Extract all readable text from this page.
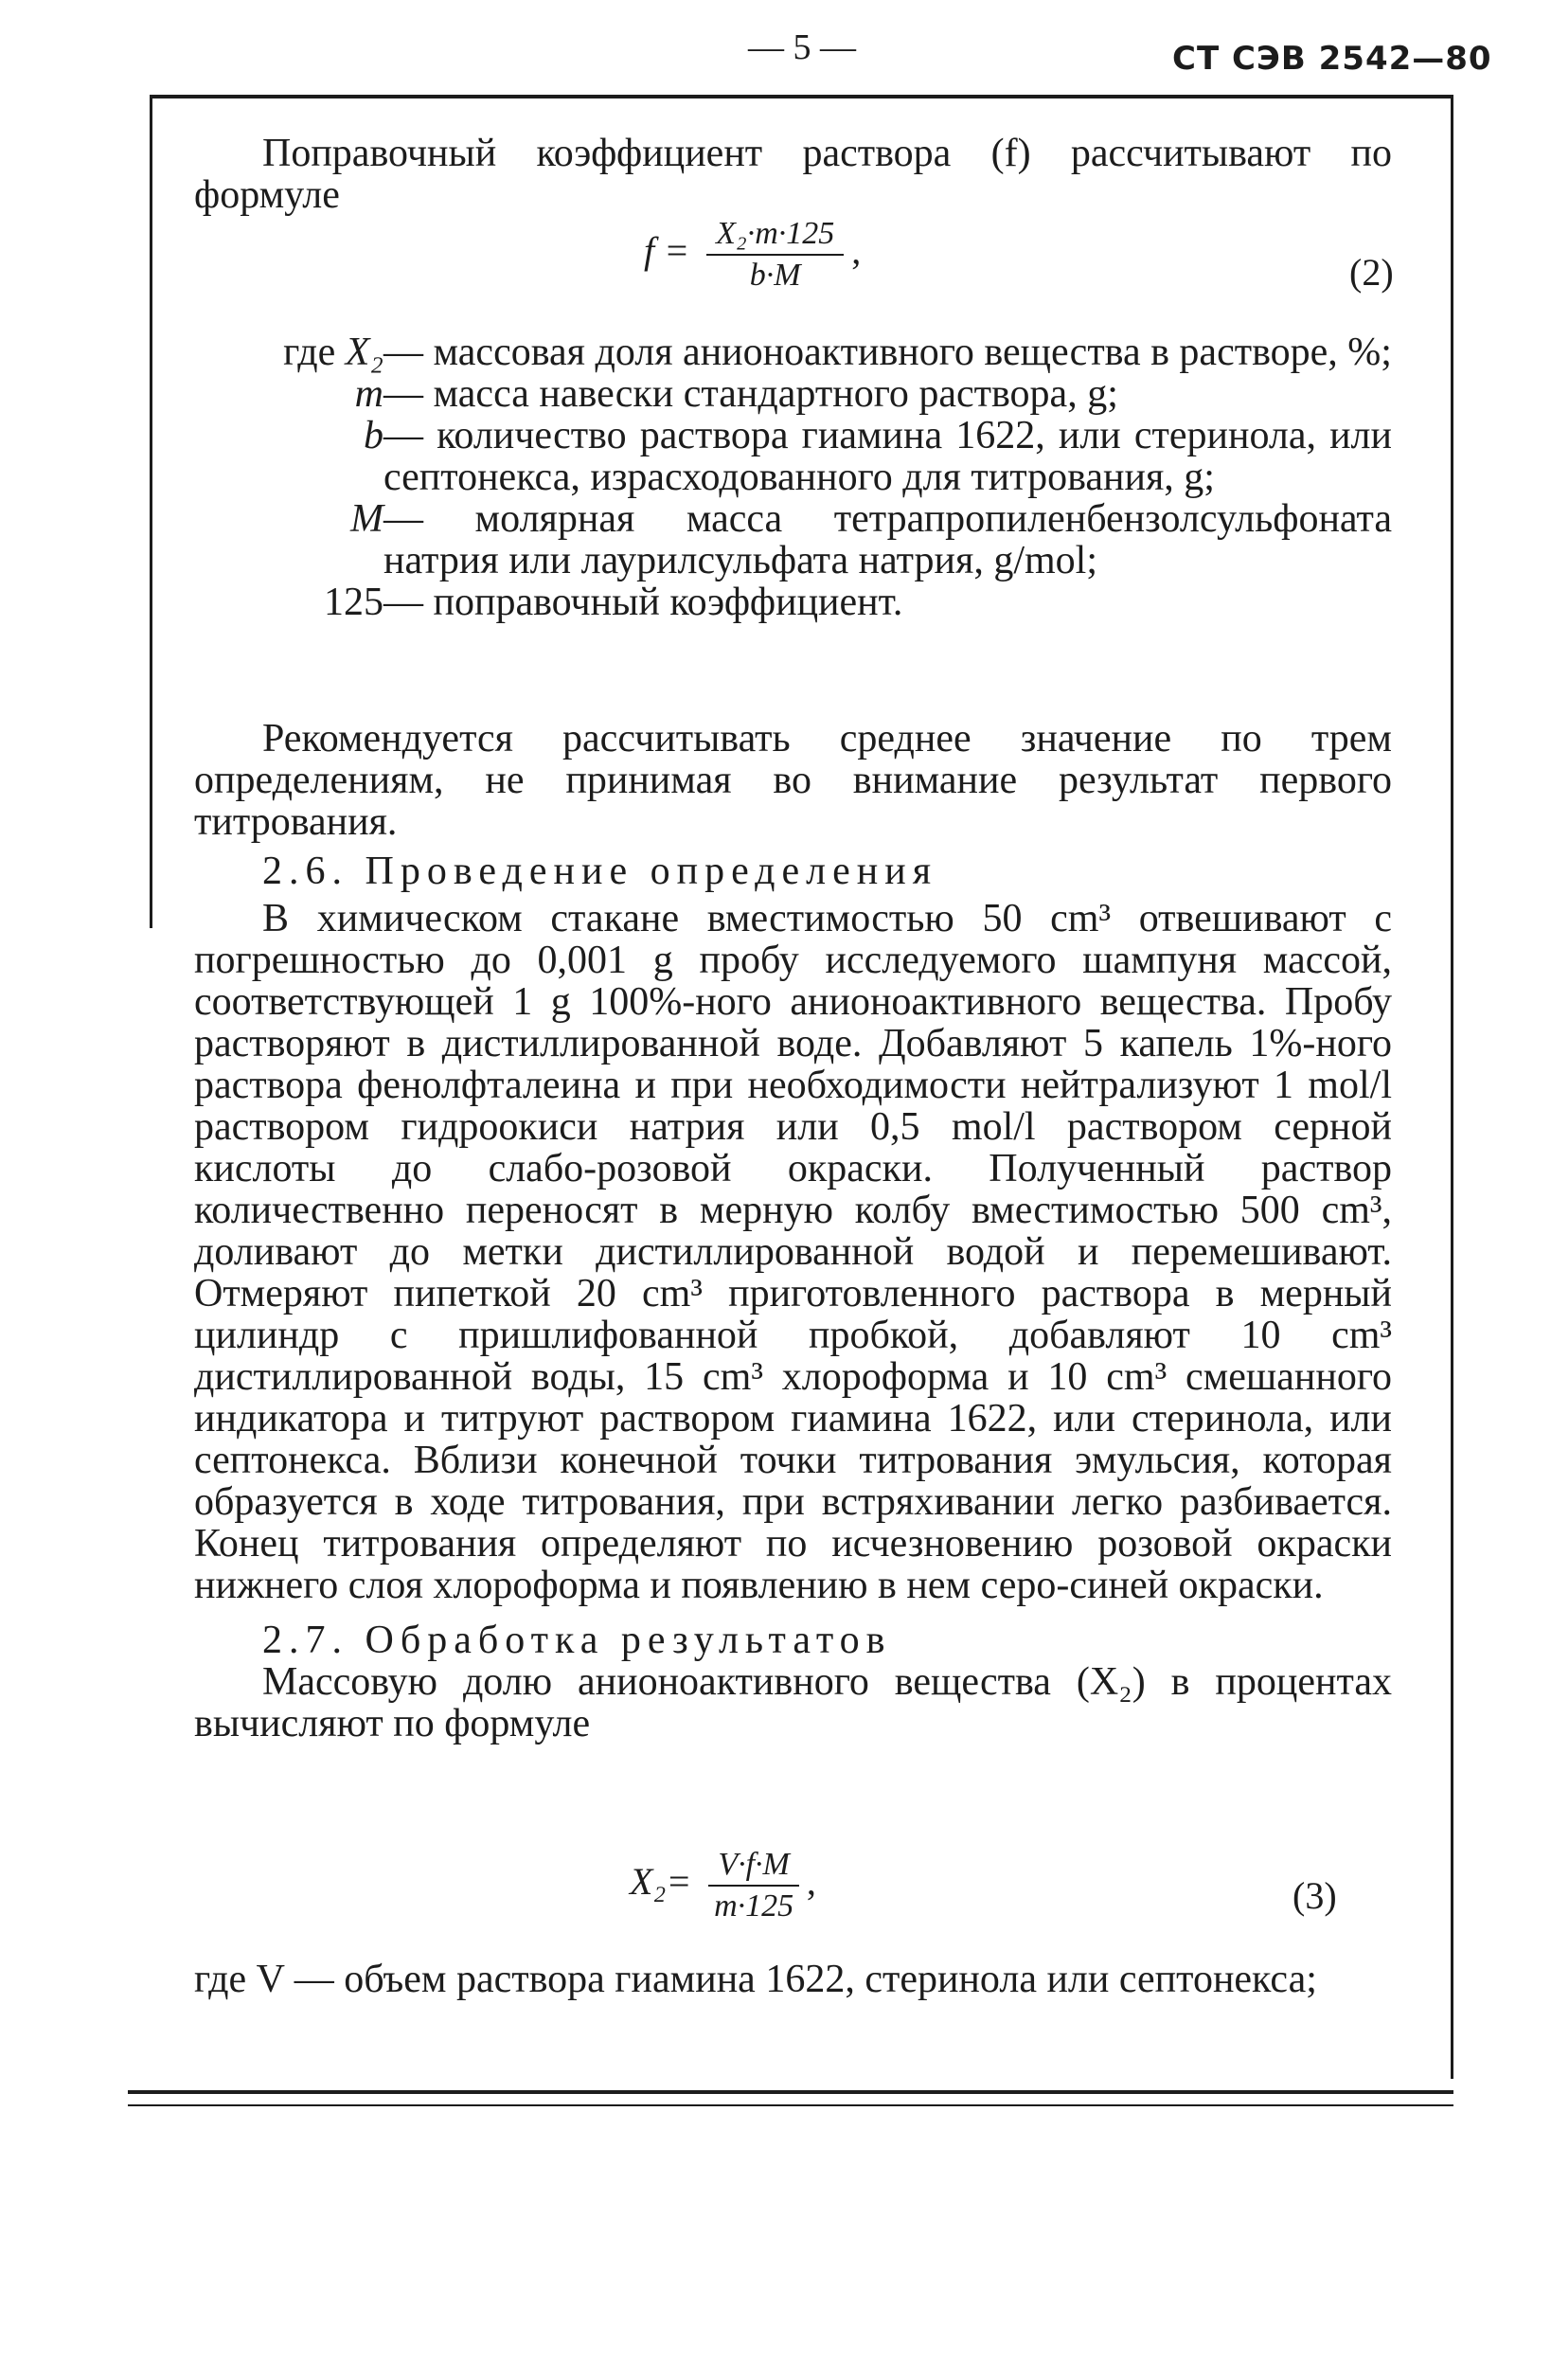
— 5 —	СТ СЭВ 2542—80

Поправочный коэффициент раствора (f) рассчитывают по формуле

$f = \frac{\text{X₂·m·125}}{b\cdot M}$ ,
(2)
где X₂ — массовая доля анионоактивного вещества в растворе, %;
m — масса навески стандартного раствора, g;
b — количество раствора гиамина 1622, или стеринола, или септонекса, израсходованного для титрования, g;
M — молярная масса тетрапропиленбензолсульфоната натрия или лаурилсульфата натрия, g/mol;
125 — поправочный коэффициент.

Рекомендуется рассчитывать среднее значение по трем определениям, не принимая во внимание результат первого титрования.

2.6. Проведение определения

В химическом стакане вместимостью 50 cm³ отвешивают с погрешностью до 0,001 g пробу исследуемого шампуня массой, соответствующей 1 g 100%-ного анионоактивного вещества. Пробу растворяют в дистиллированной воде. Добавляют 5 капель 1%-ного раствора фенолфталеина и при необходимости нейтрализуют 1 mol/l раствором гидроокиси натрия или 0,5 mol/l раствором серной кислоты до слабо-розовой окраски. Полученный раствор количественно переносят в мерную колбу вместимостью 500 cm³, доливают до метки дистиллированной водой и перемешивают. Отмеряют пипеткой 20 cm³ приготовленного раствора в мерный цилиндр с пришлифованной пробкой, добавляют 10 cm³ дистиллированной воды, 15 cm³ хлороформа и 10 cm³ смешанного индикатора и титруют раствором гиамина 1622, или стеринола, или септонекса. Вблизи конечной точки титрования эмульсия, которая образуется в ходе титрования, при встряхивании легко разбивается. Конец титрования определяют по исчезновению розовой окраски нижнего слоя хлороформа и появлению в нем серо-синей окраски.

2.7. Обработка результатов

Массовую долю анионоактивного вещества (X₂) в процентах вычисляют по формуле

$X_2= \frac{V\cdot f\cdot M}{m\cdot 125}$ ,	(3)

где V — объем раствора гиамина 1622, стеринола или септонекса;
